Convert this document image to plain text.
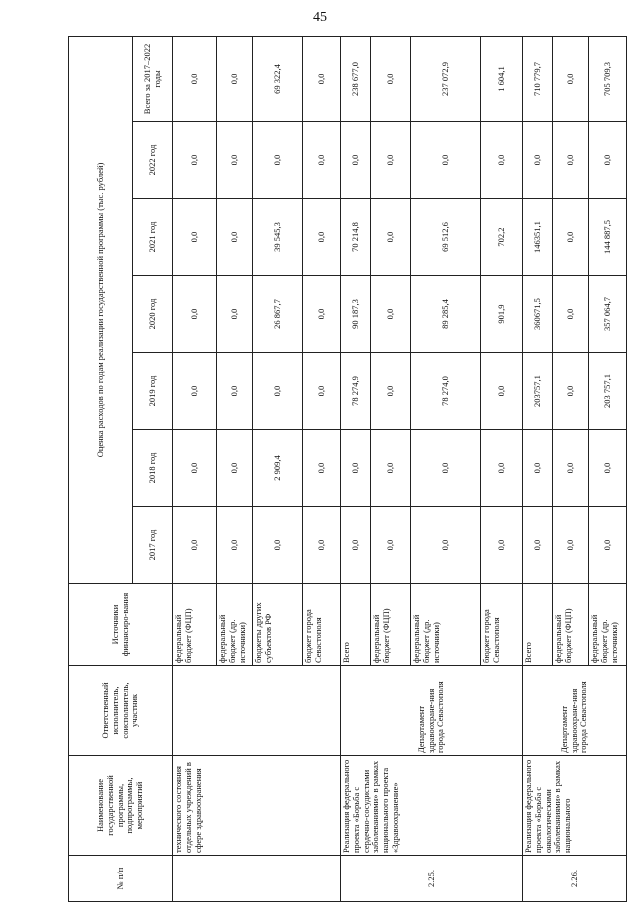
45
№ п/п	Наименование государственной программы, подпрограммы, мероприятий	Ответственный исполнитель, соисполнитель, участник	Источники финансиро-вания	Оценка расходов по годам реализации государственной программы (тыс. рублей)						
				2017 год	2018 год	2019 год	2020 год	2021 год	2022 год	Всего за 2017–2022 годы
	технического состояния отдельных учреждений в сфере здравоохранения		федеральный бюджет (ФЦП)	0,0	0,0	0,0	0,0	0,0	0,0	0,0
			федеральный бюджет (др. источники)	0,0	0,0	0,0	0,0	0,0	0,0	0,0
			бюджеты других субъектов РФ	0,0	2 909,4	0,0	26 867,7	39 545,3	0,0	69 322,4
			бюджет города Севастополя	0,0	0,0	0,0	0,0	0,0	0,0	0,0
2.25.	Реализация федерального проекта «Борьба с сердечно-сосудистыми заболеваниями» в рамках национального проекта «Здравоохранение»	Департамент здравоохране-ния города Севастополя	Всего	0,0	0,0	78 274,9	90 187,3	70 214,8	0,0	238 677,0
			федеральный бюджет (ФЦП)	0,0	0,0	0,0	0,0	0,0	0,0	0,0
			федеральный бюджет (др. источники)	0,0	0,0	78 274,0	89 285,4	69 512,6	0,0	237 072,9
			бюджет города Севастополя	0,0	0,0	0,0	901,9	702,2	0,0	1 604,1
2.26.	Реализация федерального проекта «Борьба с онкологическими заболеваниями» в рамках национального	Департамент здравоохране-ния города Севастополя	Всего	0,0	0,0	203757,1	360671,5	146351,1	0,0	710 779,7
			федеральный бюджет (ФЦП)	0,0	0,0	0,0	0,0	0,0	0,0	0,0
			федеральный бюджет (др. источники)	0,0	0,0	203 757,1	357 064,7	144 887,5	0,0	705 709,3
